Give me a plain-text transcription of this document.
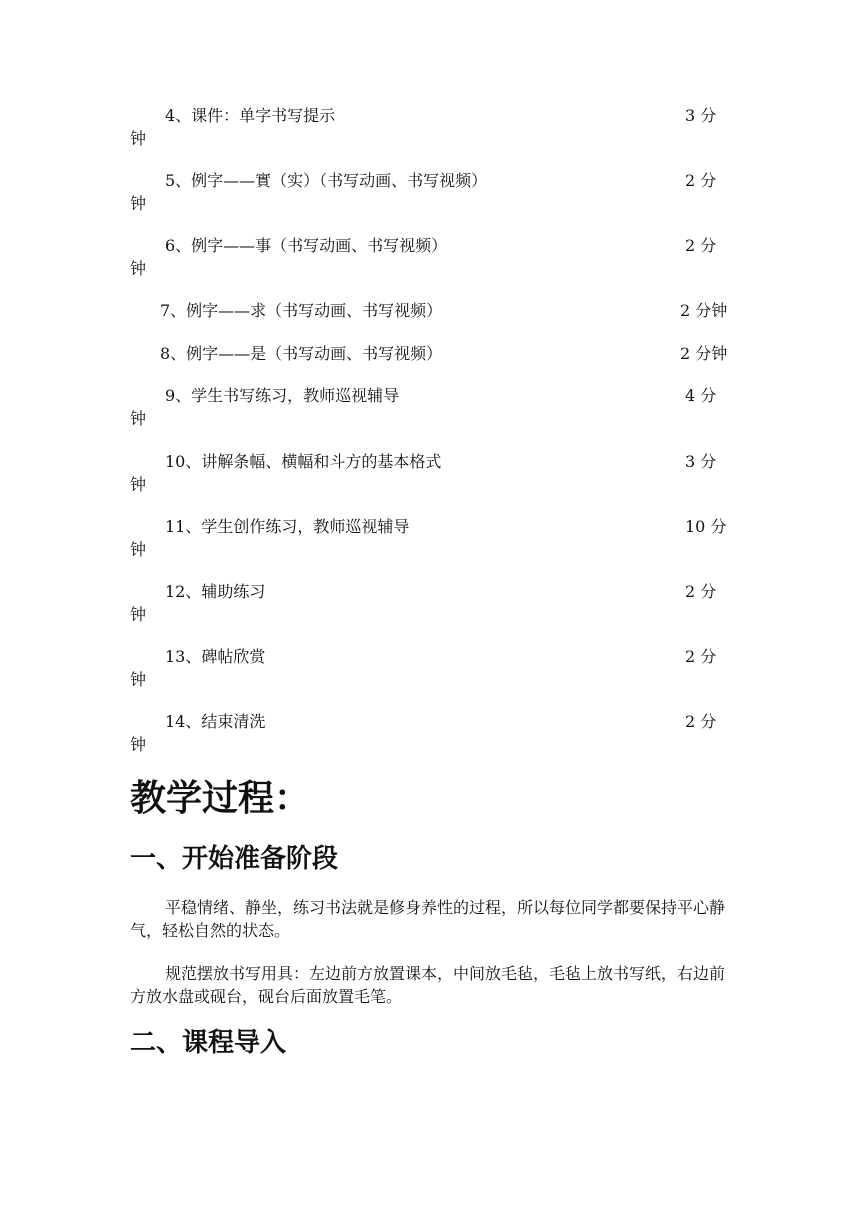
4、课件：单字书写提示	3 分
钟
5、例字——實（实）（书写动画、书写视频）	2 分
钟
6、例字——事（书写动画、书写视频）	2 分
钟
7、例字——求（书写动画、书写视频）	2 分钟
8、例字——是（书写动画、书写视频）	2 分钟
9、学生书写练习，教师巡视辅导	4 分
钟
10、讲解条幅、横幅和斗方的基本格式	3 分
钟
11、学生创作练习，教师巡视辅导	10 分
钟
12、辅助练习	2 分
钟
13、碑帖欣赏	2 分
钟
14、结束清洗	2 分
钟
教学过程：
一、开始准备阶段

平稳情绪、静坐，练习书法就是修身养性的过程，所以每位同学都要保持平心静气，轻松自然的状态。

规范摆放书写用具：左边前方放置课本，中间放毛毡，毛毡上放书写纸，右边前方放水盘或砚台，砚台后面放置毛笔。

二、课程导入
